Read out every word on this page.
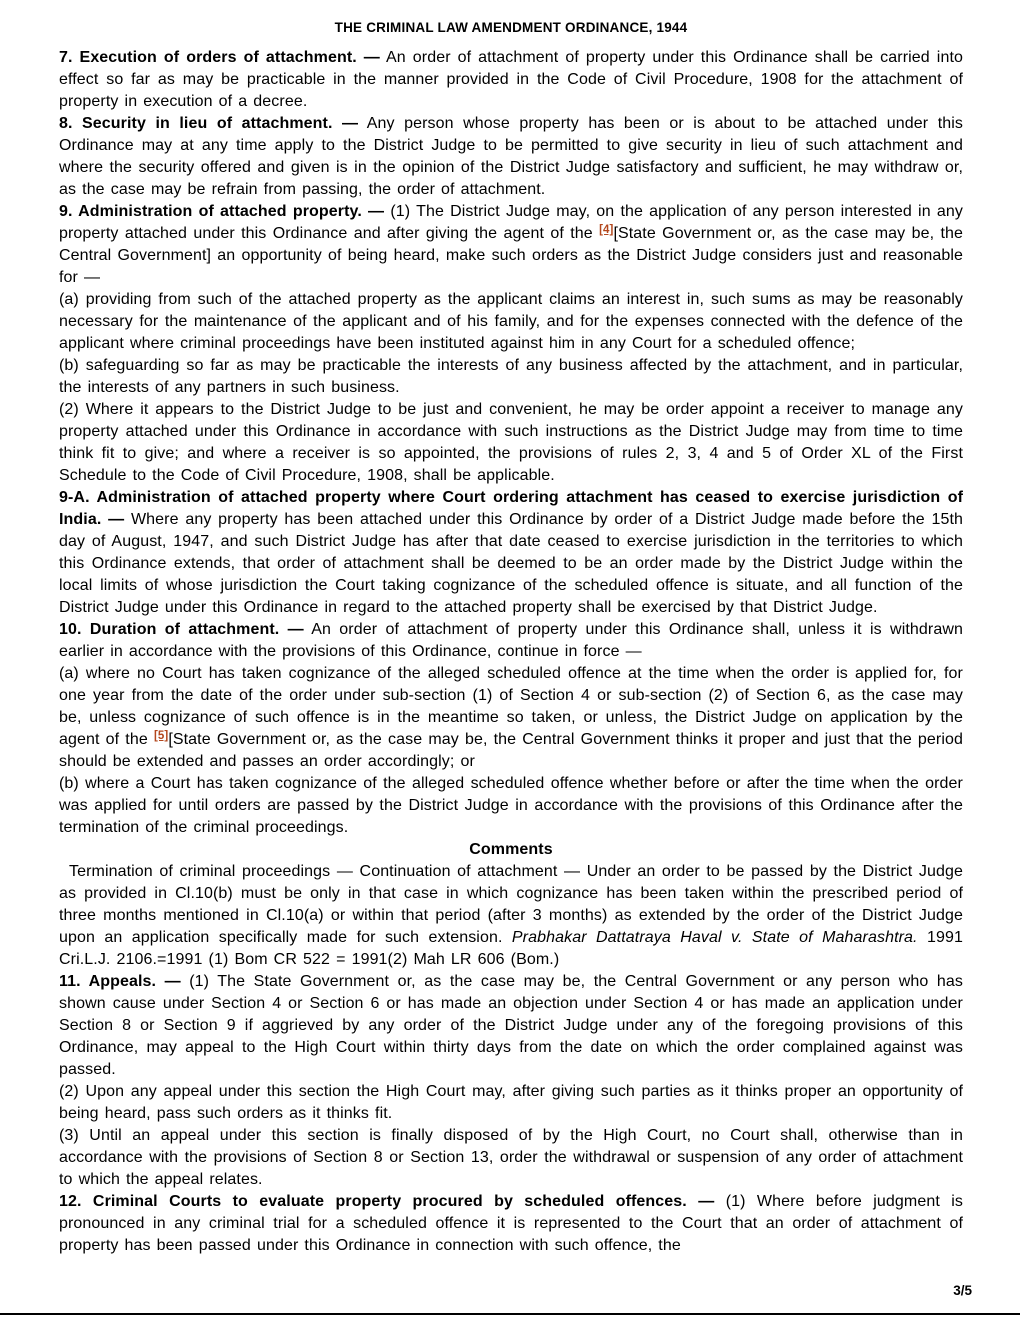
THE CRIMINAL LAW AMENDMENT ORDINANCE, 1944

7. Execution of orders of attachment. — An order of attachment of property under this Ordinance shall be carried into effect so far as may be practicable in the manner provided in the Code of Civil Procedure, 1908 for the attachment of property in execution of a decree.

8. Security in lieu of attachment. — Any person whose property has been or is about to be attached under this Ordinance may at any time apply to the District Judge to be permitted to give security in lieu of such attachment and where the security offered and given is in the opinion of the District Judge satisfactory and sufficient, he may withdraw or, as the case may be refrain from passing, the order of attachment.

9. Administration of attached property. — (1) The District Judge may, on the application of any person interested in any property attached under this Ordinance and after giving the agent of the [4][State Government or, as the case may be, the Central Government] an opportunity of being heard, make such orders as the District Judge considers just and reasonable for —

(a) providing from such of the attached property as the applicant claims an interest in, such sums as may be reasonably necessary for the maintenance of the applicant and of his family, and for the expenses connected with the defence of the applicant where criminal proceedings have been instituted against him in any Court for a scheduled offence;

(b) safeguarding so far as may be practicable the interests of any business affected by the attachment, and in particular, the interests of any partners in such business.

(2) Where it appears to the District Judge to be just and convenient, he may be order appoint a receiver to manage any property attached under this Ordinance in accordance with such instructions as the District Judge may from time to time think fit to give; and where a receiver is so appointed, the provisions of rules 2, 3, 4 and 5 of Order XL of the First Schedule to the Code of Civil Procedure, 1908, shall be applicable.

9-A. Administration of attached property where Court ordering attachment has ceased to exercise jurisdiction of India. — Where any property has been attached under this Ordinance by order of a District Judge made before the 15th day of August, 1947, and such District Judge has after that date ceased to exercise jurisdiction in the territories to which this Ordinance extends, that order of attachment shall be deemed to be an order made by the District Judge within the local limits of whose jurisdiction the Court taking cognizance of the scheduled offence is situate, and all function of the District Judge under this Ordinance in regard to the attached property shall be exercised by that District Judge.

10. Duration of attachment. — An order of attachment of property under this Ordinance shall, unless it is withdrawn earlier in accordance with the provisions of this Ordinance, continue in force —

(a) where no Court has taken cognizance of the alleged scheduled offence at the time when the order is applied for, for one year from the date of the order under sub-section (1) of Section 4 or sub-section (2) of Section 6, as the case may be, unless cognizance of such offence is in the meantime so taken, or unless, the District Judge on application by the agent of the [5][State Government or, as the case may be, the Central Government thinks it proper and just that the period should be extended and passes an order accordingly; or

(b) where a Court has taken cognizance of the alleged scheduled offence whether before or after the time when the order was applied for until orders are passed by the District Judge in accordance with the provisions of this Ordinance after the termination of the criminal proceedings.

Comments

Termination of criminal proceedings — Continuation of attachment — Under an order to be passed by the District Judge as provided in Cl.10(b) must be only in that case in which cognizance has been taken within the prescribed period of three months mentioned in Cl.10(a) or within that period (after 3 months) as extended by the order of the District Judge upon an application specifically made for such extension. Prabhakar Dattatraya Haval v. State of Maharashtra. 1991 Cri.L.J. 2106.=1991 (1) Bom CR 522 = 1991(2) Mah LR 606 (Bom.)

11. Appeals. — (1) The State Government or, as the case may be, the Central Government or any person who has shown cause under Section 4 or Section 6 or has made an objection under Section 4 or has made an application under Section 8 or Section 9 if aggrieved by any order of the District Judge under any of the foregoing provisions of this Ordinance, may appeal to the High Court within thirty days from the date on which the order complained against was passed.

(2) Upon any appeal under this section the High Court may, after giving such parties as it thinks proper an opportunity of being heard, pass such orders as it thinks fit.

(3) Until an appeal under this section is finally disposed of by the High Court, no Court shall, otherwise than in accordance with the provisions of Section 8 or Section 13, order the withdrawal or suspension of any order of attachment to which the appeal relates.

12. Criminal Courts to evaluate property procured by scheduled offences. — (1) Where before judgment is pronounced in any criminal trial for a scheduled offence it is represented to the Court that an order of attachment of property has been passed under this Ordinance in connection with such offence, the

3/5
